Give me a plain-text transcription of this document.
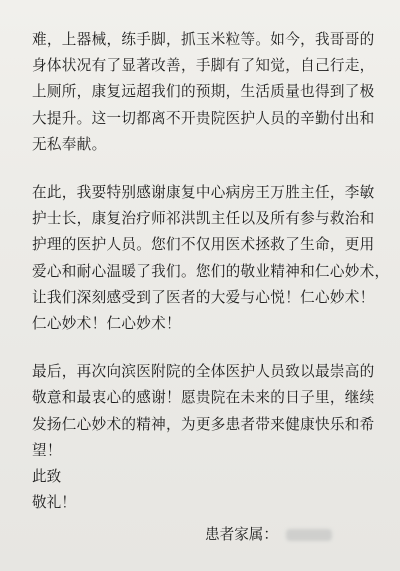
难，上器械，练手脚，抓玉米粒等。如今，我哥哥的
身体状况有了显著改善，手脚有了知觉，自己行走，
上厕所，康复远超我们的预期，生活质量也得到了极
大提升。这一切都离不开贵院医护人员的辛勤付出和
无私奉献。

在此，我要特别感谢康复中心病房王万胜主任，李敏
护士长，康复治疗师祁洪凯主任以及所有参与救治和
护理的医护人员。您们不仅用医术拯救了生命，更用
爱心和耐心温暖了我们。您们的敬业精神和仁心妙术，
让我们深刻感受到了医者的大爱与心悦！仁心妙术！
仁心妙术！仁心妙术！

最后，再次向滨医附院的全体医护人员致以最崇高的
敬意和最衷心的感谢！愿贵院在未来的日子里，继续
发扬仁心妙术的精神，为更多患者带来健康快乐和希
望！

此致
敬礼！
患者家属：
